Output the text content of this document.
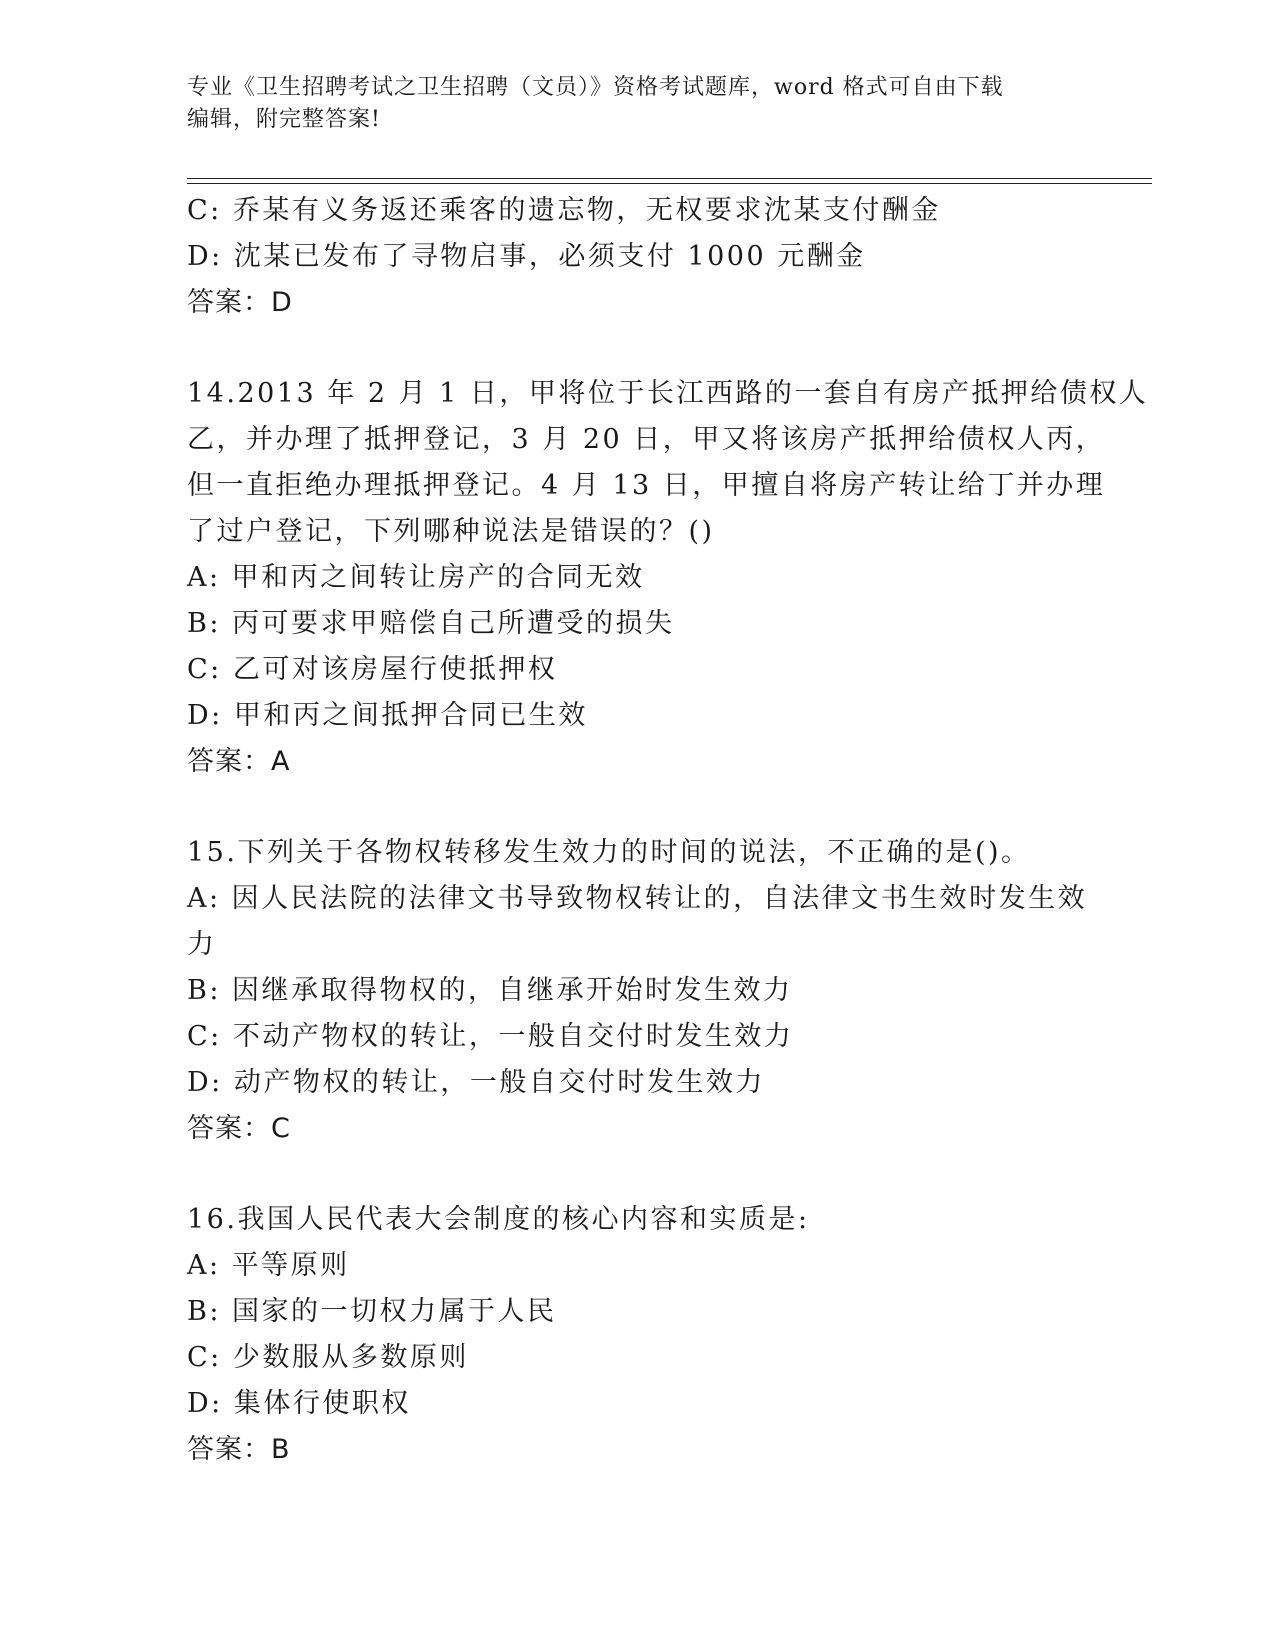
专业《卫生招聘考试之卫生招聘（文员）》资格考试题库，word 格式可自由下载
编辑，附完整答案!
C: 乔某有义务返还乘客的遗忘物，无权要求沈某支付酬金
D: 沈某已发布了寻物启事，必须支付 1000 元酬金
答案：D
14.2013 年 2 月 1 日，甲将位于长江西路的一套自有房产抵押给债权人
乙，并办理了抵押登记，3 月 20 日，甲又将该房产抵押给债权人丙，
但一直拒绝办理抵押登记。4 月 13 日，甲擅自将房产转让给丁并办理
了过户登记，下列哪种说法是错误的？()
A: 甲和丙之间转让房产的合同无效
B: 丙可要求甲赔偿自己所遭受的损失
C: 乙可对该房屋行使抵押权
D: 甲和丙之间抵押合同已生效
答案：A
15.下列关于各物权转移发生效力的时间的说法，不正确的是()。
A: 因人民法院的法律文书导致物权转让的，自法律文书生效时发生效
力
B: 因继承取得物权的，自继承开始时发生效力
C: 不动产物权的转让，一般自交付时发生效力
D: 动产物权的转让，一般自交付时发生效力
答案：C
16.我国人民代表大会制度的核心内容和实质是:
A: 平等原则
B: 国家的一切权力属于人民
C: 少数服从多数原则
D: 集体行使职权
答案：B
